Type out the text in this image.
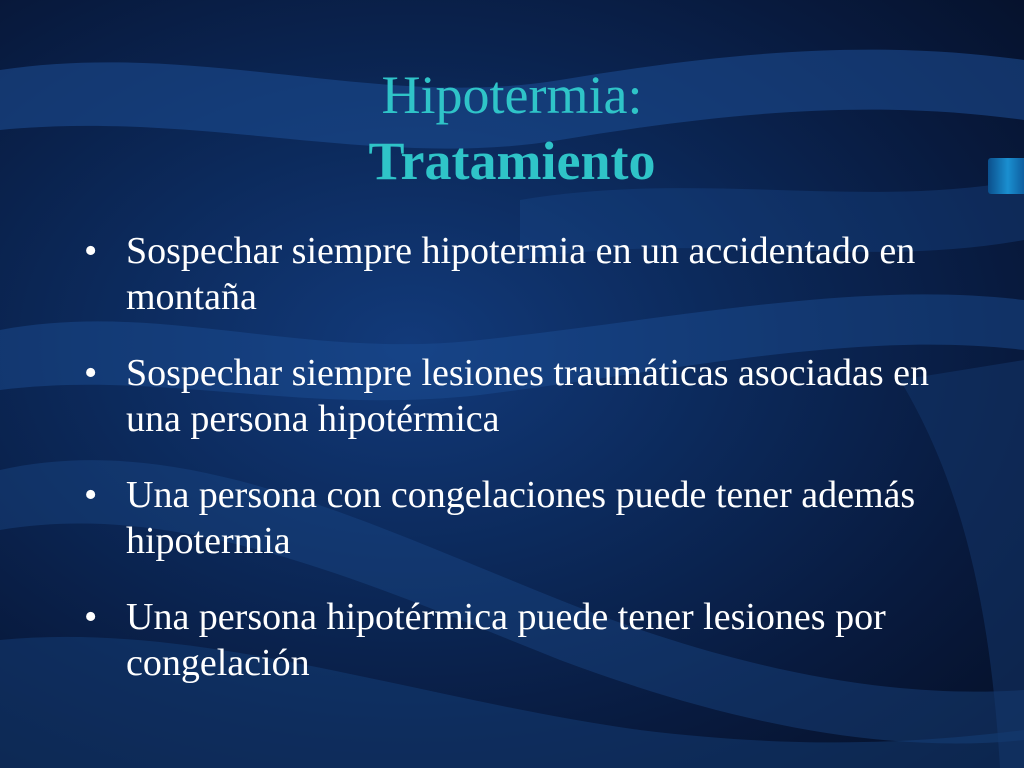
Hipotermia:
Tratamiento
• Sospechar siempre hipotermia en un accidentado en montaña
• Sospechar siempre lesiones traumáticas asociadas en una persona hipotérmica
• Una persona con congelaciones puede tener además hipotermia
• Una persona hipotérmica puede tener lesiones por congelación
